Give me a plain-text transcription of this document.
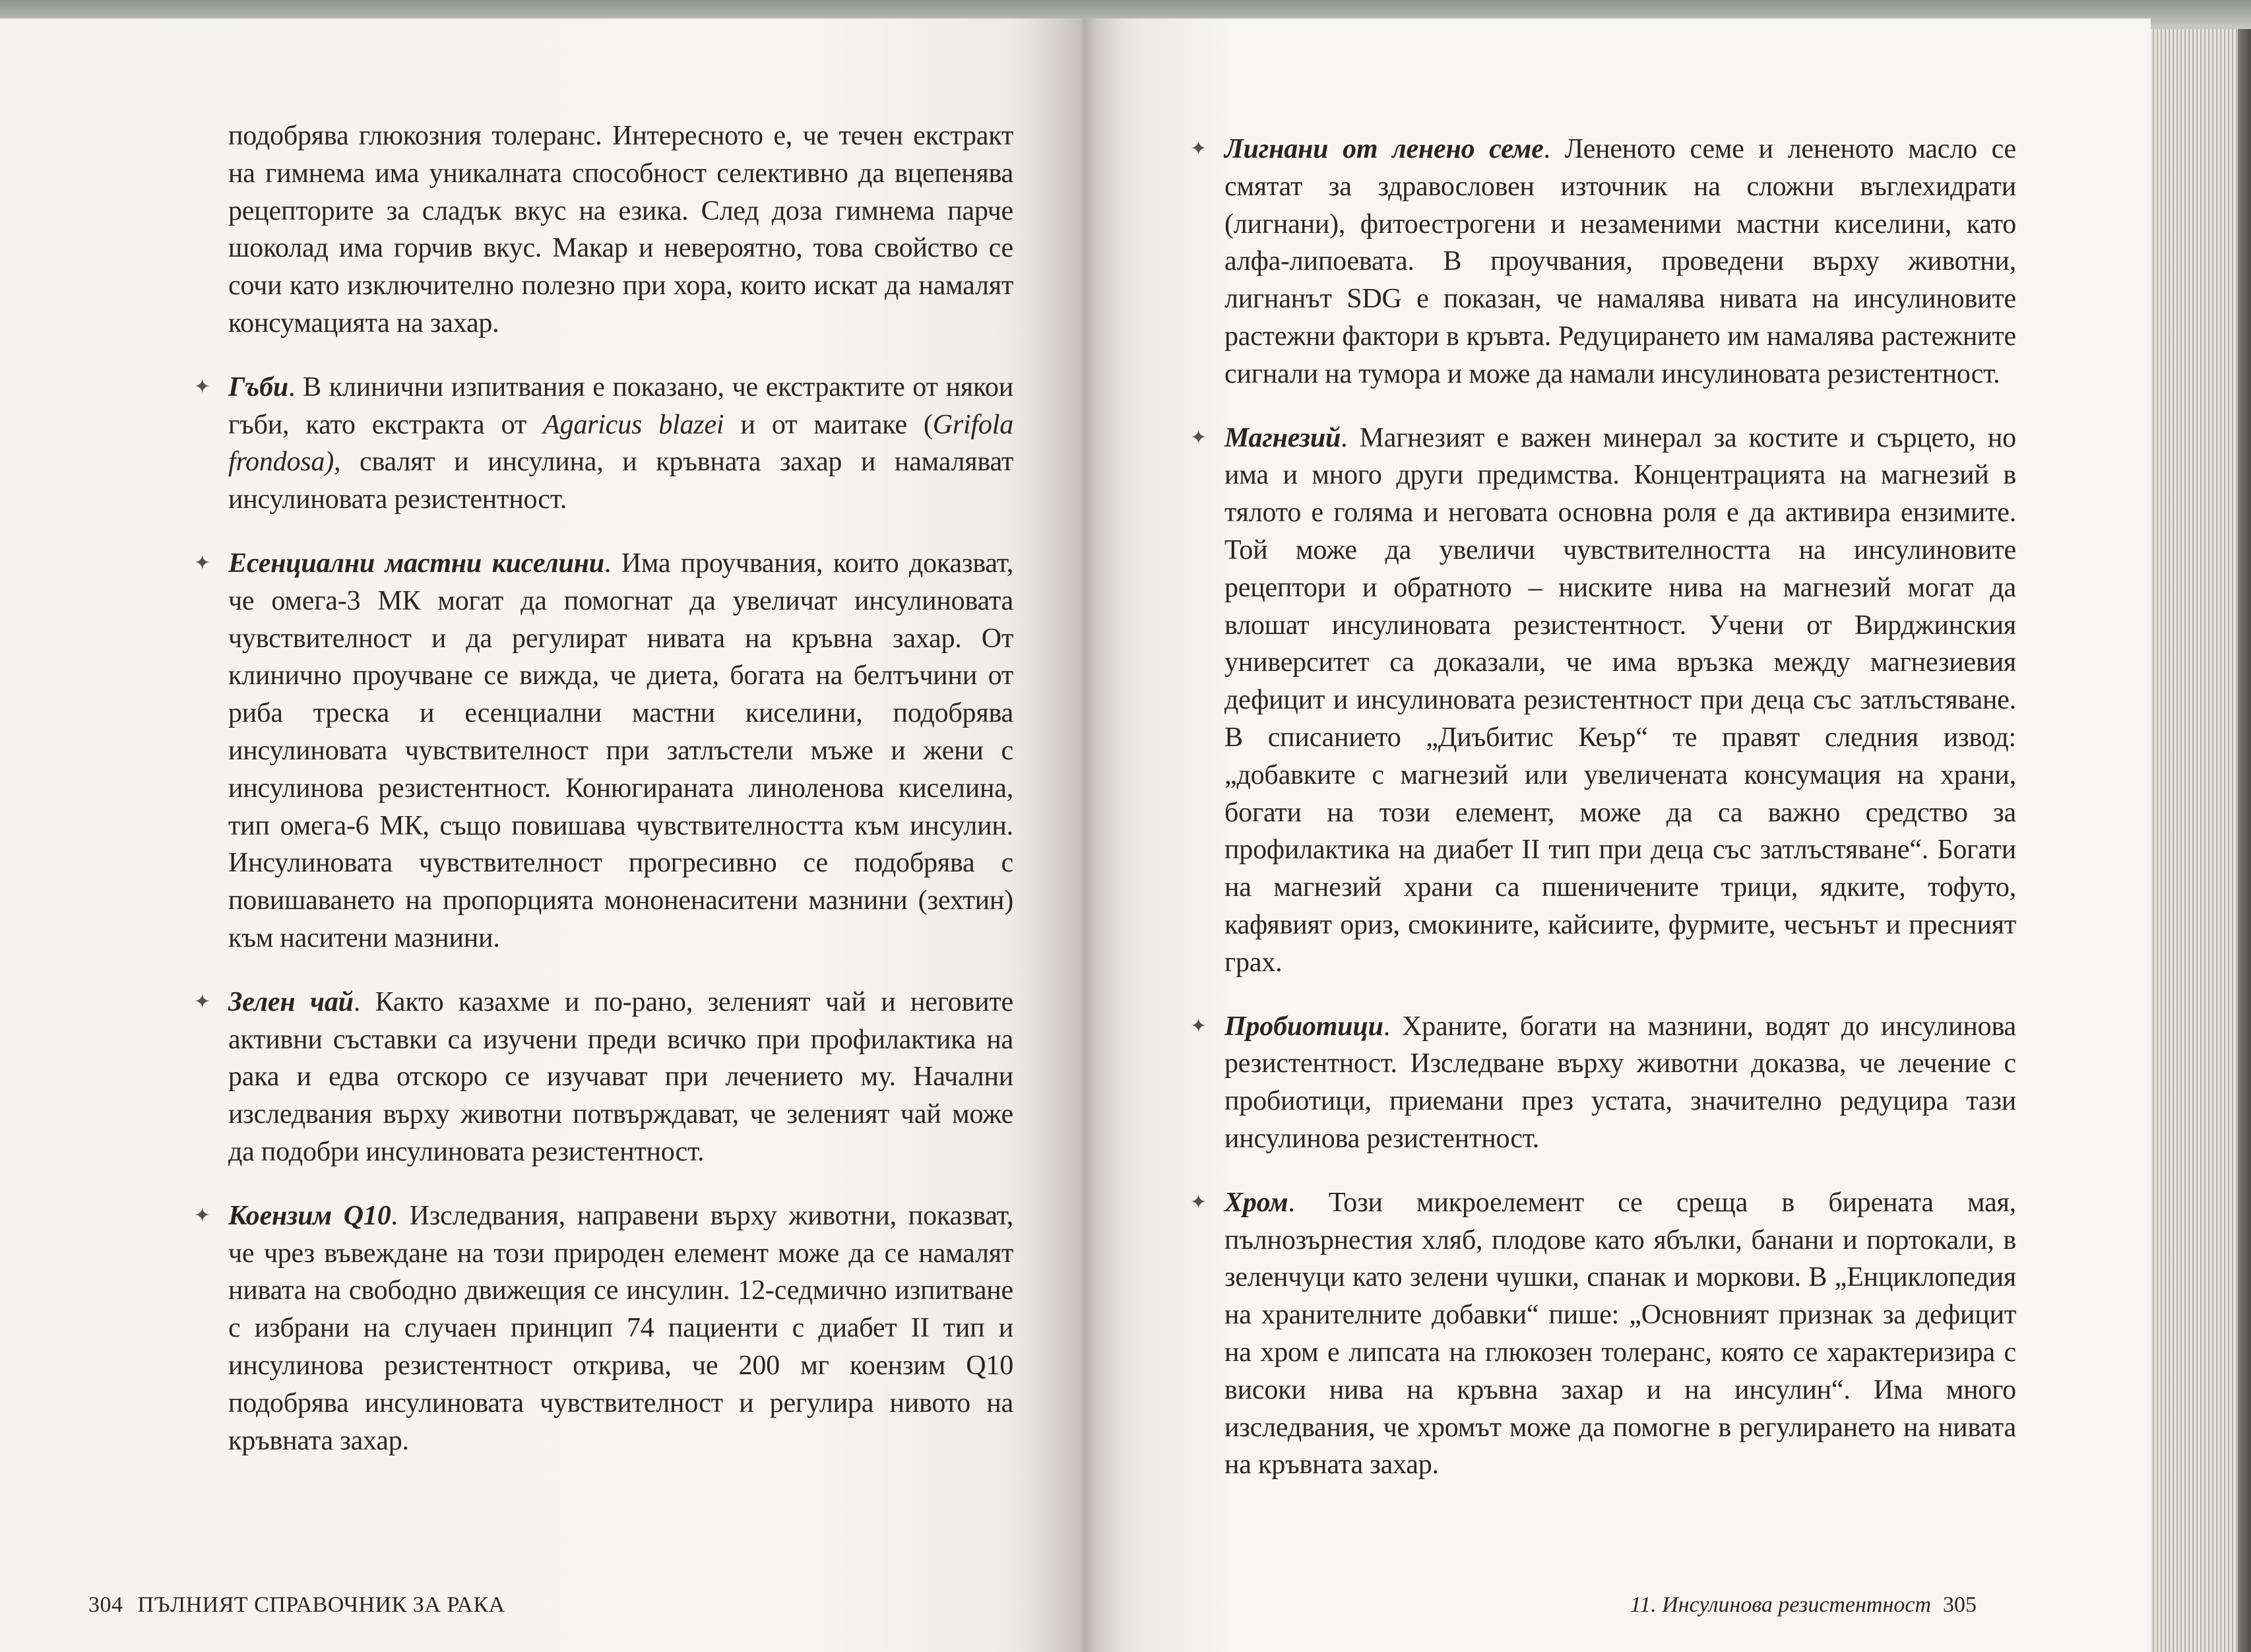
подобрява глюкозния толеранс. Интересното е, че течен екстракт на гимнема има уникалната способност селективно да вцепенява рецепторите за сладък вкус на езика. След доза гимнема парче шоколад има горчив вкус. Макар и невероятно, това свойство се сочи като изключително полезно при хора, които искат да намалят консумацията на захар.

✦ Гъби. В клинични изпитвания е показано, че екстрактите от някои гъби, като екстракта от Agaricus blazei и от маитаке (Grifola frondosa), свалят и инсулина, и кръвната захар и намаляват инсулиновата резистентност.
✦ Есенциални мастни киселини. Има проучвания, които доказват, че омега-3 МК могат да помогнат да увеличат инсулиновата чувствителност и да регулират нивата на кръвна захар. От клинично проучване се вижда, че диета, богата на белтъчини от риба треска и есенциални мастни киселини, подобрява инсулиновата чувствителност при затлъстели мъже и жени с инсулинова резистентност. Конюгираната линоленова киселина, тип омега-6 МК, също повишава чувствителността към инсулин. Инсулиновата чувствителност прогресивно се подобрява с повишаването на пропорцията мононенаситени мазнини (зехтин) към наситени мазнини.
✦ Зелен чай. Както казахме и по-рано, зеленият чай и неговите активни съставки са изучени преди всичко при профилактика на рака и едва отскоро се изучават при лечението му. Начални изследвания върху животни потвърждават, че зеленият чай може да подобри инсулиновата резистентност.
✦ Коензим Q10. Изследвания, направени върху животни, показват, че чрез въвеждане на този природен елемент може да се намалят нивата на свободно движещия се инсулин. 12-седмично изпитване с избрани на случаен принцип 74 пациенти с диабет II тип и инсулинова резистентност открива, че 200 мг коензим Q10 подобрява инсулиновата чувствителност и регулира нивото на кръвната захар.
304 ПЪЛНИЯТ СПРАВОЧНИК ЗА РАКА
✦ Лигнани от ленено семе. Лененото семе и лененото масло се смятат за здравословен източник на сложни въглехидрати (лигнани), фитоестрогени и незаменими мастни киселини, като алфа-липоевата. В проучвания, проведени върху животни, лигнанът SDG е показан, че намалява нивата на инсулиновите растежни фактори в кръвта. Редуцирането им намалява растежните сигнали на тумора и може да намали инсулиновата резистентност.
✦ Магнезий. Магнезият е важен минерал за костите и сърцето, но има и много други предимства. Концентрацията на магнезий в тялото е голяма и неговата основна роля е да активира ензимите. Той може да увеличи чувствителността на инсулиновите рецептори и обратното – ниските нива на магнезий могат да влошат инсулиновата резистентност. Учени от Вирджинския университет са доказали, че има връзка между магнезиевия дефицит и инсулиновата резистентност при деца със затлъстяване. В списанието „Диъбитис Кеър“ те правят следния извод: „добавките с магнезий или увеличената консумация на храни, богати на този елемент, може да са важно средство за профилактика на диабет II тип при деца със затлъстяване“. Богати на магнезий храни са пшеничените трици, ядките, тофуто, кафявият ориз, смокините, кайсиите, фурмите, чесънът и пресният грах.
✦ Пробиотици. Храните, богати на мазнини, водят до инсулинова резистентност. Изследване върху животни доказва, че лечение с пробиотици, приемани през устата, значително редуцира тази инсулинова резистентност.
✦ Хром. Този микроелемент се среща в бирената мая, пълнозърнестия хляб, плодове като ябълки, банани и портокали, в зеленчуци като зелени чушки, спанак и моркови. В „Енциклопедия на хранителните добавки“ пише: „Основният признак за дефицит на хром е липсата на глюкозен толеранс, която се характеризира с високи нива на кръвна захар и на инсулин“. Има много изследвания, че хромът може да помогне в регулирането на нивата на кръвната захар.
11. Инсулинова резистентност 305
